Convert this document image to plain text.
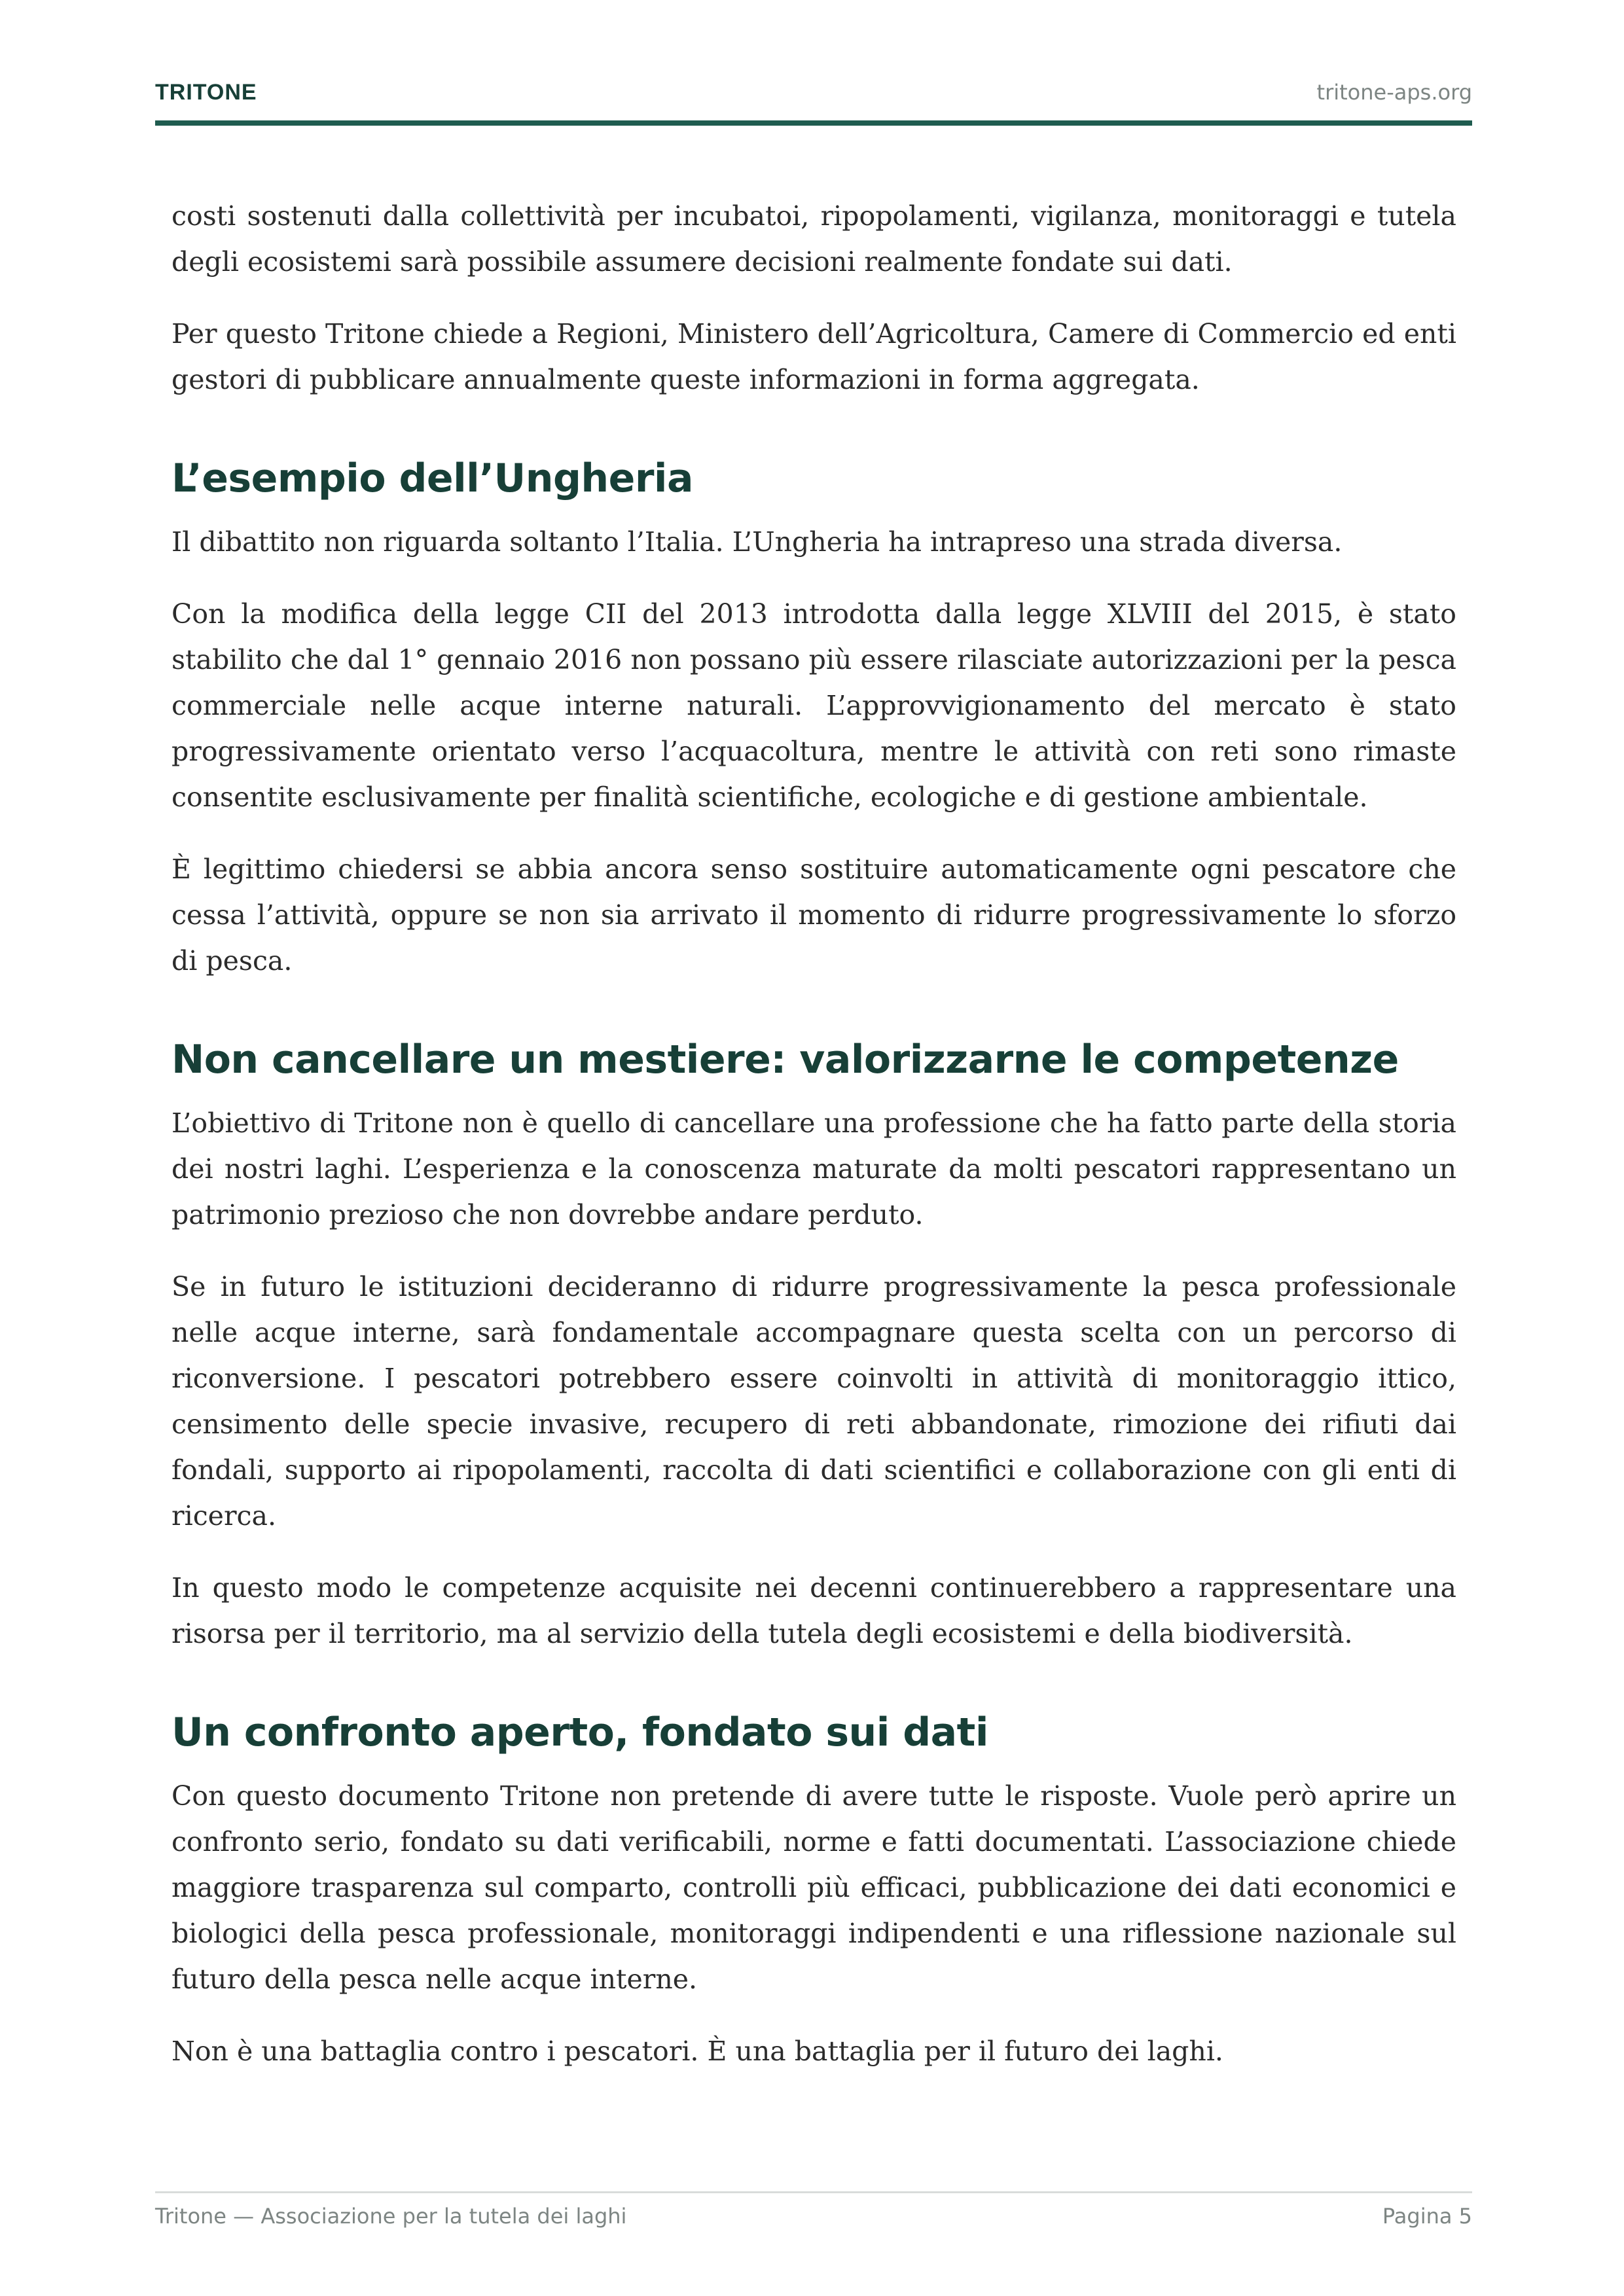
TRITONE	tritone-aps.org

costi sostenuti dalla collettività per incubatoi, ripopolamenti, vigilanza, monitoraggi e tutela degli ecosistemi sarà possibile assumere decisioni realmente fondate sui dati.

Per questo Tritone chiede a Regioni, Ministero dell’Agricoltura, Camere di Commercio ed enti gestori di pubblicare annualmente queste informazioni in forma aggregata.

L’esempio dell’Ungheria

Il dibattito non riguarda soltanto l’Italia. L’Ungheria ha intrapreso una strada diversa.

Con la modifica della legge CII del 2013 introdotta dalla legge XLVIII del 2015, è stato stabilito che dal 1° gennaio 2016 non possano più essere rilasciate autorizzazioni per la pesca commerciale nelle acque interne naturali. L’approvvigionamento del mercato è stato progressivamente orientato verso l’acquacoltura, mentre le attività con reti sono rimaste consentite esclusivamente per finalità scientifiche, ecologiche e di gestione ambientale.

È legittimo chiedersi se abbia ancora senso sostituire automaticamente ogni pescatore che cessa l’attività, oppure se non sia arrivato il momento di ridurre progressivamente lo sforzo di pesca.

Non cancellare un mestiere: valorizzarne le competenze

L’obiettivo di Tritone non è quello di cancellare una professione che ha fatto parte della storia dei nostri laghi. L’esperienza e la conoscenza maturate da molti pescatori rappresentano un patrimonio prezioso che non dovrebbe andare perduto.

Se in futuro le istituzioni decideranno di ridurre progressivamente la pesca professionale nelle acque interne, sarà fondamentale accompagnare questa scelta con un percorso di riconversione. I pescatori potrebbero essere coinvolti in attività di monitoraggio ittico, censimento delle specie invasive, recupero di reti abbandonate, rimozione dei rifiuti dai fondali, supporto ai ripopolamenti, raccolta di dati scientifici e collaborazione con gli enti di ricerca.

In questo modo le competenze acquisite nei decenni continuerebbero a rappresentare una risorsa per il territorio, ma al servizio della tutela degli ecosistemi e della biodiversità.

Un confronto aperto, fondato sui dati

Con questo documento Tritone non pretende di avere tutte le risposte. Vuole però aprire un confronto serio, fondato su dati verificabili, norme e fatti documentati. L’associazione chiede maggiore trasparenza sul comparto, controlli più efficaci, pubblicazione dei dati economici e biologici della pesca professionale, monitoraggi indipendenti e una riflessione nazionale sul futuro della pesca nelle acque interne.

Non è una battaglia contro i pescatori. È una battaglia per il futuro dei laghi.

Tritone — Associazione per la tutela dei laghi	Pagina 5
